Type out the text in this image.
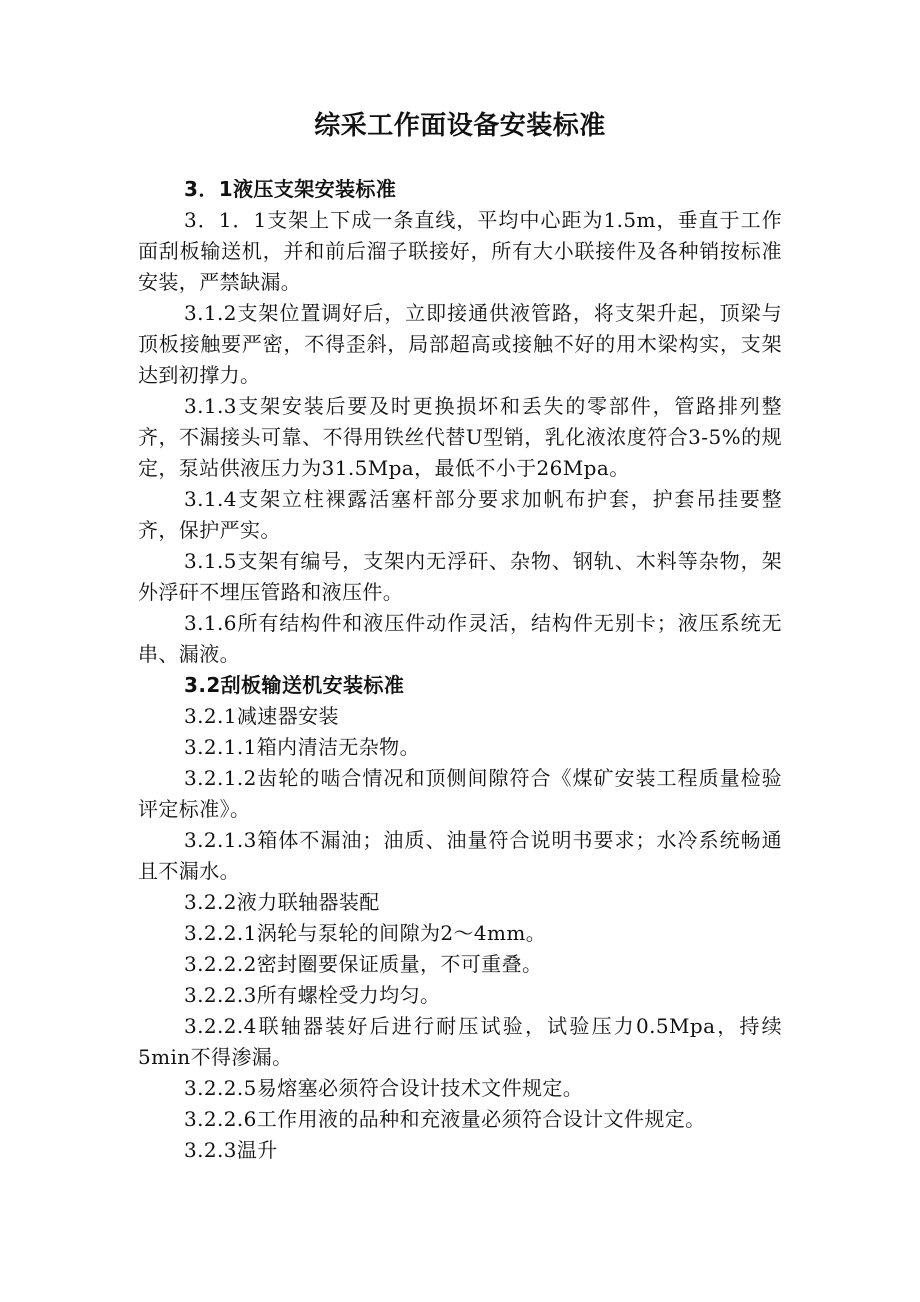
综采工作面设备安装标准

3．1液压支架安装标准

3．1．1支架上下成一条直线，平均中心距为1.5m，垂直于工作面刮板输送机，并和前后溜子联接好，所有大小联接件及各种销按标准安装，严禁缺漏。

3.1.2支架位置调好后，立即接通供液管路，将支架升起，顶梁与顶板接触要严密，不得歪斜，局部超高或接触不好的用木梁构实，支架达到初撑力。

3.1.3支架安装后要及时更换损坏和丢失的零部件，管路排列整齐，不漏接头可靠、不得用铁丝代替U型销，乳化液浓度符合3-5%的规定，泵站供液压力为31.5Mpa，最低不小于26Mpa。

3.1.4支架立柱裸露活塞杆部分要求加帆布护套，护套吊挂要整齐，保护严实。

3.1.5支架有编号，支架内无浮矸、杂物、钢轨、木料等杂物，架外浮矸不埋压管路和液压件。

3.1.6所有结构件和液压件动作灵活，结构件无别卡；液压系统无串、漏液。

3.2刮板输送机安装标准

3.2.1减速器安装

3.2.1.1箱内清洁无杂物。

3.2.1.2齿轮的啮合情况和顶侧间隙符合《煤矿安装工程质量检验评定标准》。

3.2.1.3箱体不漏油；油质、油量符合说明书要求；水冷系统畅通且不漏水。

3.2.2液力联轴器装配

3.2.2.1涡轮与泵轮的间隙为2～4mm。

3.2.2.2密封圈要保证质量，不可重叠。

3.2.2.3所有螺栓受力均匀。

3.2.2.4联轴器装好后进行耐压试验，试验压力0.5Mpa，持续5min不得渗漏。

3.2.2.5易熔塞必须符合设计技术文件规定。

3.2.2.6工作用液的品种和充液量必须符合设计文件规定。

3.2.3温升
